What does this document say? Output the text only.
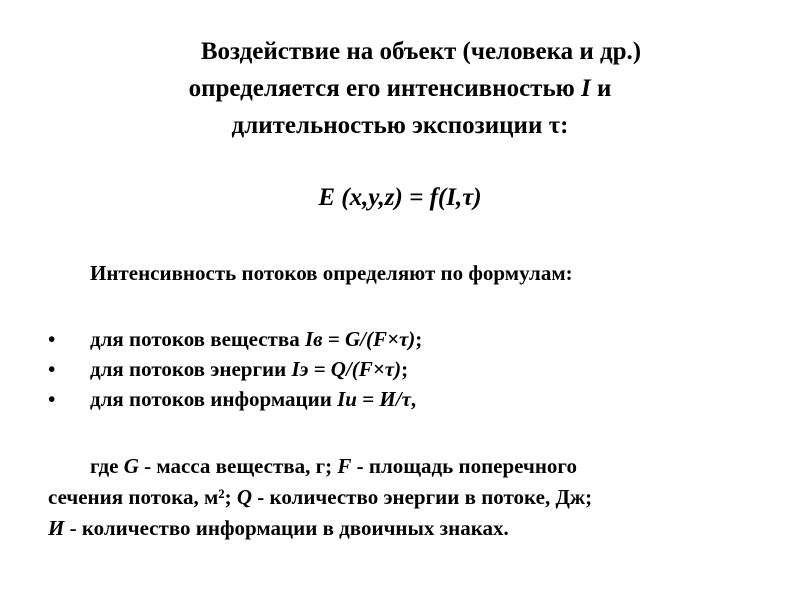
Воздействие на объект (человека и др.)
определяется его интенсивностью I и
длительностью экспозиции τ:
E (x,y,z) = f(I,τ)
Интенсивность потоков определяют по формулам:
•	для потоков вещества Iв = G/(F×τ);
•	для потоков энергии Iэ = Q/(F×τ);
•	для потоков информации Iи = И/τ,
где G - масса вещества, г; F - площадь поперечного
сечения потока, м²; Q - количество энергии в потоке, Дж;
И - количество информации в двоичных знаках.
